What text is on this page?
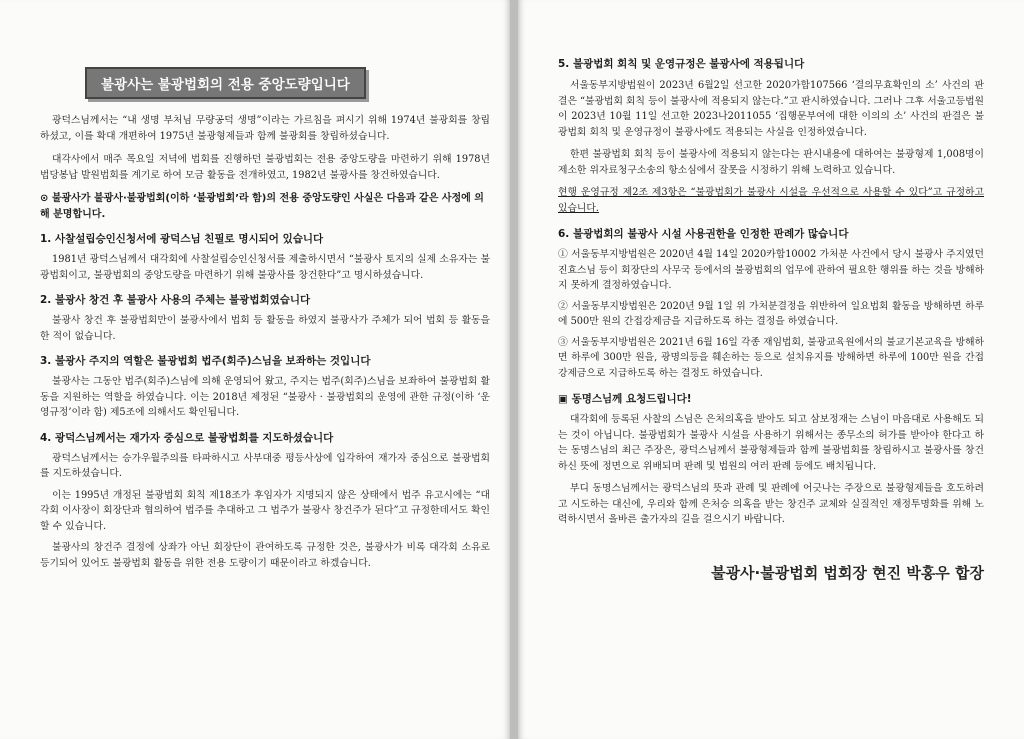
불광사는 불광법회의 전용 중앙도량입니다

광덕스님께서는 “내 생명 부처님 무량공덕 생명”이라는 가르침을 펴시기 위해 1974년 불광회를 창립하셨고, 이를 확대 개편하여 1975년 불광형제들과 함께 불광회를 창립하셨습니다.

대각사에서 매주 목요일 저녁에 법회를 진행하던 불광법회는 전용 중앙도량을 마련하기 위해 1978년 법당봉납 발원법회를 계기로 하여 모금 활동을 전개하였고, 1982년 불광사를 창건하였습니다.

⊙ 불광사가 불광사·불광법회(이하 ‘불광법회’라 함)의 전용 중앙도량인 사실은 다음과 같은 사정에 의해 분명합니다.
1. 사찰설립승인신청서에 광덕스님 친필로 명시되어 있습니다

1981년 광덕스님께서 대각회에 사찰설립승인신청서를 제출하시면서 “불광사 토지의 실제 소유자는 불광법회이고, 불광법회의 중앙도량을 마련하기 위해 불광사를 창건한다”고 명시하셨습니다.

2. 불광사 창건 후 불광사 사용의 주체는 불광법회였습니다

불광사 창건 후 불광법회만이 불광사에서 법회 등 활동을 하였지 불광사가 주체가 되어 법회 등 활동을 한 적이 없습니다.

3. 불광사 주지의 역할은 불광법회 법주(회주)스님을 보좌하는 것입니다

불광사는 그동안 법주(회주)스님에 의해 운영되어 왔고, 주지는 법주(회주)스님을 보좌하여 불광법회 활동을 지원하는 역할을 하였습니다. 이는 2018년 제정된 “불광사 · 불광법회의 운영에 관한 규정(이하 ‘운영규정’이라 함) 제5조에 의해서도 확인됩니다.

4. 광덕스님께서는 재가자 중심으로 불광법회를 지도하셨습니다

광덕스님께서는 승가우월주의를 타파하시고 사부대중 평등사상에 입각하여 재가자 중심으로 불광법회를 지도하셨습니다.

이는 1995년 개정된 불광법회 회칙 제18조가 후임자가 지명되지 않은 상태에서 법주 유고시에는 “대각회 이사장이 회장단과 협의하여 법주를 추대하고 그 법주가 불광사 창건주가 된다”고 규정한데서도 확인할 수 있습니다.

불광사의 창건주 결정에 상좌가 아닌 회장단이 관여하도록 규정한 것은, 불광사가 비록 대각회 소유로 등기되어 있어도 불광법회 활동을 위한 전용 도량이기 때문이라고 하겠습니다.

5. 불광법회 회칙 및 운영규정은 불광사에 적용됩니다

서울동부지방법원이 2023년 6월2일 선고한 2020가합107566 ‘결의무효확인의 소’ 사건의 판결은 “불광법회 회칙 등이 불광사에 적용되지 않는다.”고 판시하였습니다. 그러나 그후 서울고등법원이 2023년 10월 11일 선고한 2023나2011055 ‘집행문부여에 대한 이의의 소’ 사건의 판결은 불광법회 회칙 및 운영규정이 불광사에도 적용되는 사실을 인정하였습니다.

한편 불광법회 회칙 등이 불광사에 적용되지 않는다는 판시내용에 대하여는 불광형제 1,008명이 제소한 위자료청구소송의 항소심에서 잘못을 시정하기 위해 노력하고 있습니다.

현행 운영규정 제2조 제3항은 “불광법회가 불광사 시설을 우선적으로 사용할 수 있다”고 규정하고 있습니다.

6. 불광법회의 불광사 시설 사용권한을 인정한 판례가 많습니다

① 서울동부지방법원은 2020년 4월 14일 2020카합10002 가처분 사건에서 당시 불광사 주지였던 진효스님 등이 회장단의 사무국 등에서의 불광법회의 업무에 관하여 필요한 행위를 하는 것을 방해하지 못하게 결정하였습니다.

② 서울동부지방법원은 2020년 9월 1일 위 가처분결정을 위반하여 일요법회 활동을 방해하면 하루에 500만 원의 간접강제금을 지급하도록 하는 결정을 하였습니다.

③ 서울동부지방법원은 2021년 6월 16일 각종 재임법회, 불광교육원에서의 불교기본교육을 방해하면 하루에 300만 원을, 광명의등을 훼손하는 등으로 설치유지를 방해하면 하루에 100만 원을 간접강제금으로 지급하도록 하는 결정도 하였습니다.

▣ 동명스님께 요청드립니다!

대각회에 등록된 사찰의 스님은 은처의혹을 받아도 되고 삼보정재는 스님이 마음대로 사용해도 되는 것이 아닙니다. 불광법회가 불광사 시설을 사용하기 위해서는 종무소의 허가를 받아야 한다고 하는 동명스님의 최근 주장은, 광덕스님께서 불광형제들과 함께 불광법회를 창립하시고 불광사를 창건하신 뜻에 정면으로 위배되며 판례 및 법원의 여러 판례 등에도 배치됩니다.

부디 동명스님께서는 광덕스님의 뜻과 관례 및 판례에 어긋나는 주장으로 불광형제들을 호도하려고 시도하는 대신에, 우리와 함께 은처승 의혹을 받는 창건주 교체와 실질적인 재정투명화를 위해 노력하시면서 올바른 출가자의 길을 걸으시기 바랍니다.

불광사·불광법회 법회장 현진 박홍우 합장
